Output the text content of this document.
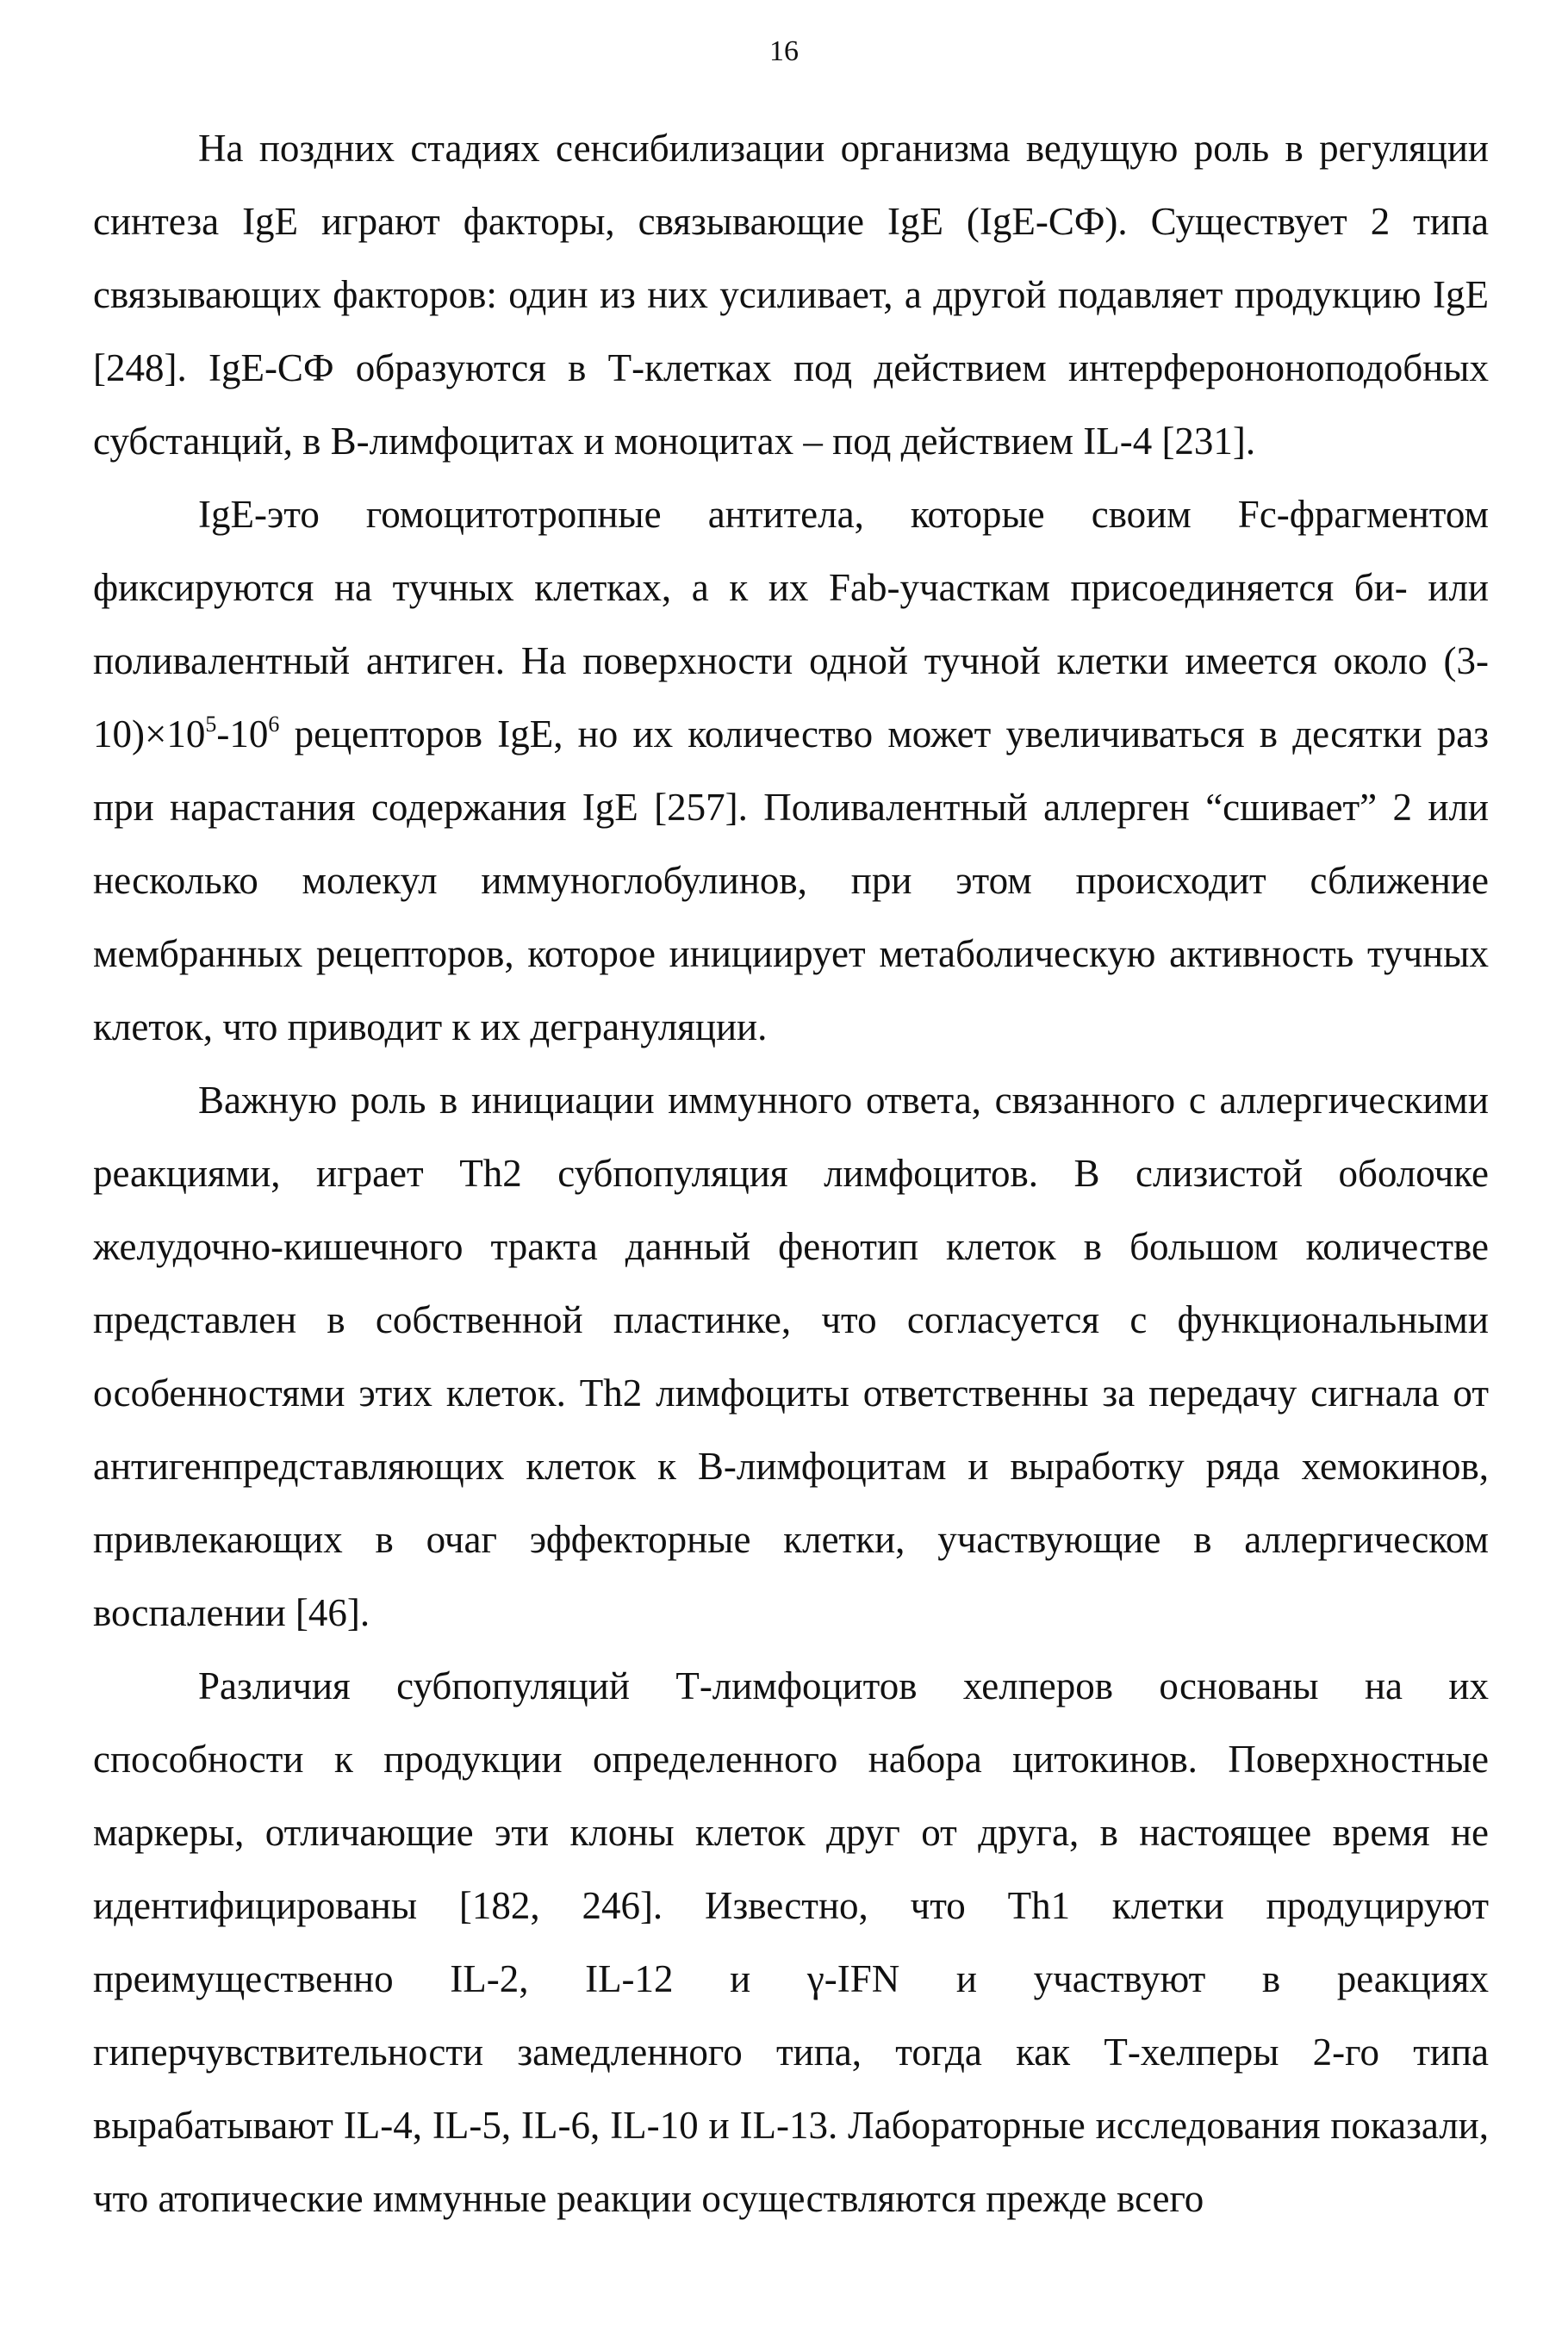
16

На поздних стадиях сенсибилизации организма ведущую роль в регуляции синтеза IgE играют факторы, связывающие IgE (IgE-СФ). Существует 2 типа связывающих факторов: один из них усиливает, а другой подавляет продукцию IgE [248]. IgE-СФ образуются в Т-клетках под действием интерферононоподобных субстанций, в В-лимфоцитах и моноцитах – под действием IL-4 [231].

IgE-это гомоцитотропные антитела, которые своим Fc-фрагментом фиксируются на тучных клетках, а к их Fab-участкам присоединяется би- или поливалентный антиген. На поверхности одной тучной клетки имеется около $(3-10)\times 10^5-10^6$ рецепторов IgE, но их количество может увеличиваться в десятки раз при нарастания содержания IgE [257]. Поливалентный аллерген “сшивает” 2 или несколько молекул иммуноглобулинов, при этом происходит сближение мембранных рецепторов, которое инициирует метаболическую активность тучных клеток, что приводит к их дегрануляции.

Важную роль в инициации иммунного ответа, связанного с аллергическими реакциями, играет Th2 субпопуляция лимфоцитов. В слизистой оболочке желудочно-кишечного тракта данный фенотип клеток в большом количестве представлен в собственной пластинке, что согласуется с функциональными особенностями этих клеток. Th2 лимфоциты ответственны за передачу сигнала от антигенпредставляющих клеток к В-лимфоцитам и выработку ряда хемокинов, привлекающих в очаг эффекторные клетки, участвующие в аллергическом воспалении [46].

Различия субпопуляций Т-лимфоцитов хелперов основаны на их способности к продукции определенного набора цитокинов. Поверхностные маркеры, отличающие эти клоны клеток друг от друга, в настоящее время не идентифицированы [182, 246]. Известно, что Th1 клетки продуцируют преимущественно IL-2, IL-12 и γ-IFN и участвуют в реакциях гиперчувствительности замедленного типа, тогда как Т-хелперы 2-го типа вырабатывают IL-4, IL-5, IL-6, IL-10 и IL-13. Лабораторные исследования показали, что атопические иммунные реакции осуществляются прежде всего
